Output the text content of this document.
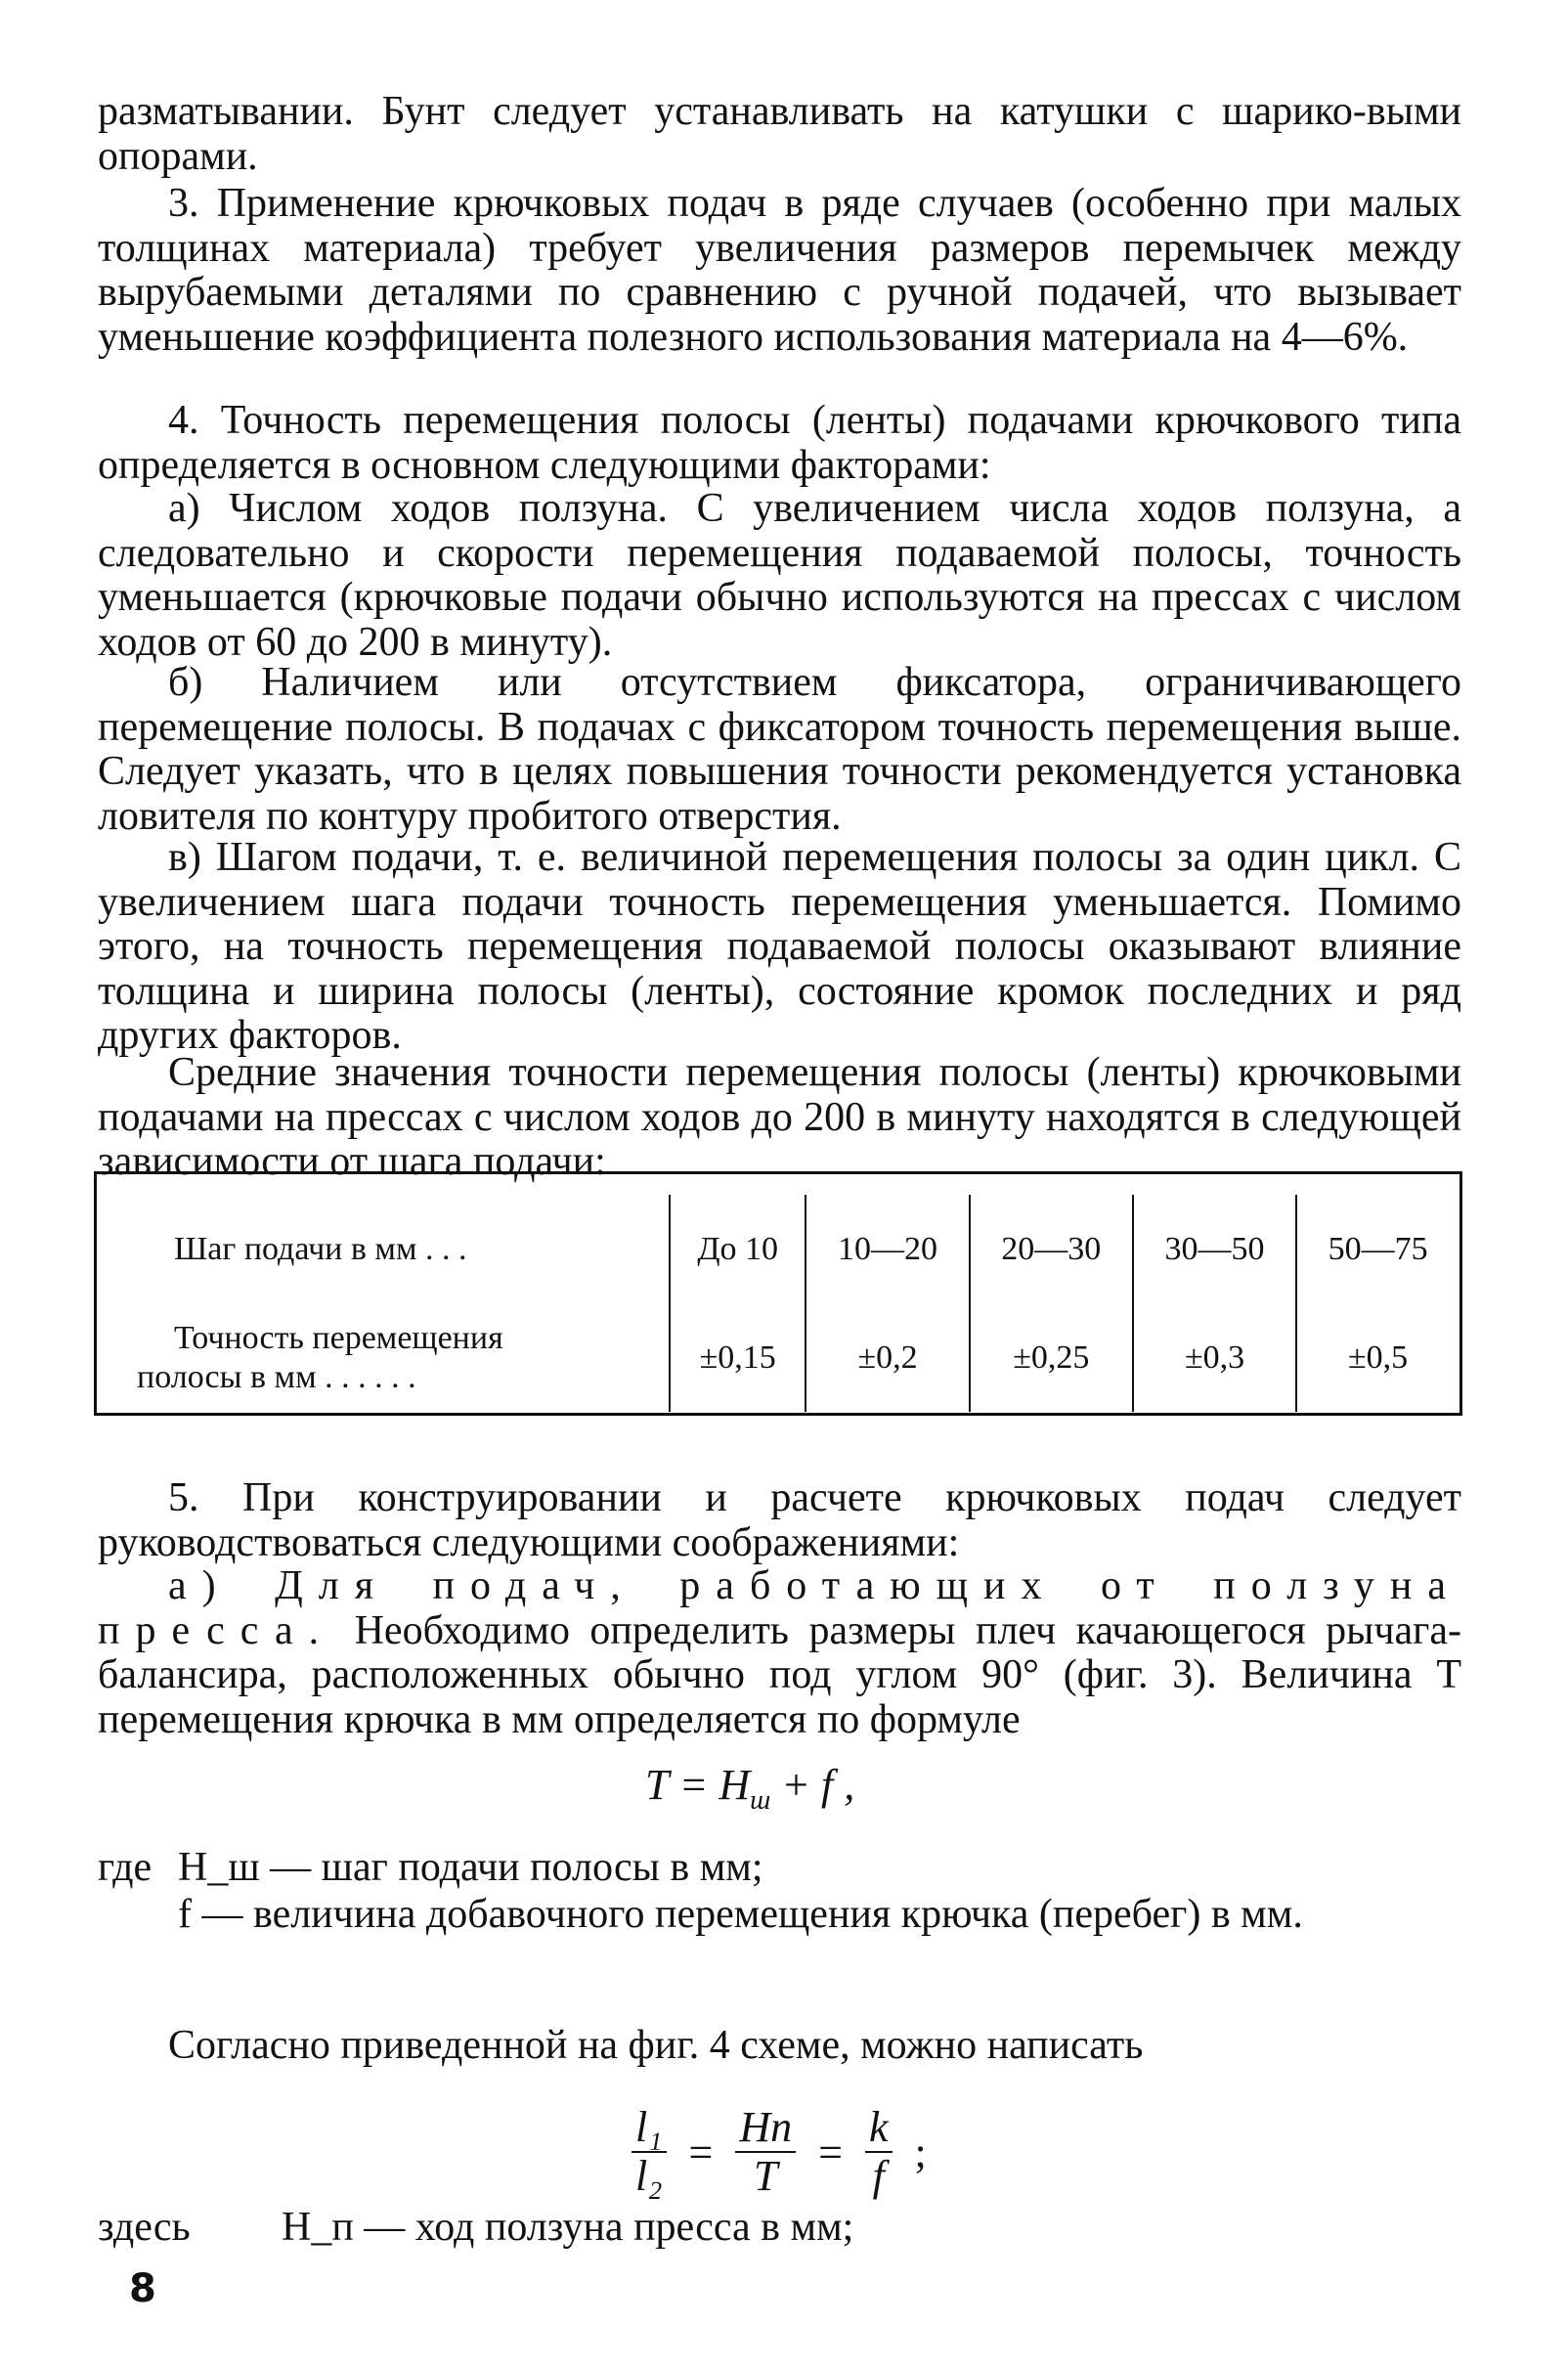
разматывании. Бунт следует устанавливать на катушки с шарико-выми опорами.

3. Применение крючковых подач в ряде случаев (особенно при малых толщинах материала) требует увеличения размеров перемычек между вырубаемыми деталями по сравнению с ручной подачей, что вызывает уменьшение коэффициента полезного использования материала на 4—6%.

4. Точность перемещения полосы (ленты) подачами крючкового типа определяется в основном следующими факторами:

а) Числом ходов ползуна. С увеличением числа ходов ползуна, а следовательно и скорости перемещения подаваемой полосы, точность уменьшается (крючковые подачи обычно используются на прессах с числом ходов от 60 до 200 в минуту).

б) Наличием или отсутствием фиксатора, ограничивающего перемещение полосы. В подачах с фиксатором точность перемещения выше. Следует указать, что в целях повышения точности рекомендуется установка ловителя по контуру пробитого отверстия.

в) Шагом подачи, т. е. величиной перемещения полосы за один цикл. С увеличением шага подачи точность перемещения уменьшается. Помимо этого, на точность перемещения подаваемой полосы оказывают влияние толщина и ширина полосы (ленты), состояние кромок последних и ряд других факторов.

Средние значения точности перемещения полосы (ленты) крючковыми подачами на прессах с числом ходов до 200 в минуту находятся в следующей зависимости от шага подачи:

Шаг подачи в мм . . .	До 10	10—20	20—30	30—50	50—75

Точность перемещения
полосы в мм . . . . . .	±0,15	±0,2	±0,25	±0,3	±0,5

5. При конструировании и расчете крючковых подач следует руководствоваться следующими соображениями:

а) Для подач, работающих от ползуна пресса. Необходимо определить размеры плеч качающегося рычага-балансира, расположенных обычно под углом 90° (фиг. 3). Величина T перемещения крючка в мм определяется по формуле

$T = H_ш + f$ ,
где H_ш — шаг подачи полосы в мм;
f — величина добавочного перемещения крючка (перебег) в мм.

Согласно приведенной на фиг. 4 схеме, можно написать

$\frac{\text{l₁}}{\text{l₂}} = \frac{Hп}{T} = \frac{k}{f}$ ;
здесь H_п — ход ползуна пресса в мм;
8
